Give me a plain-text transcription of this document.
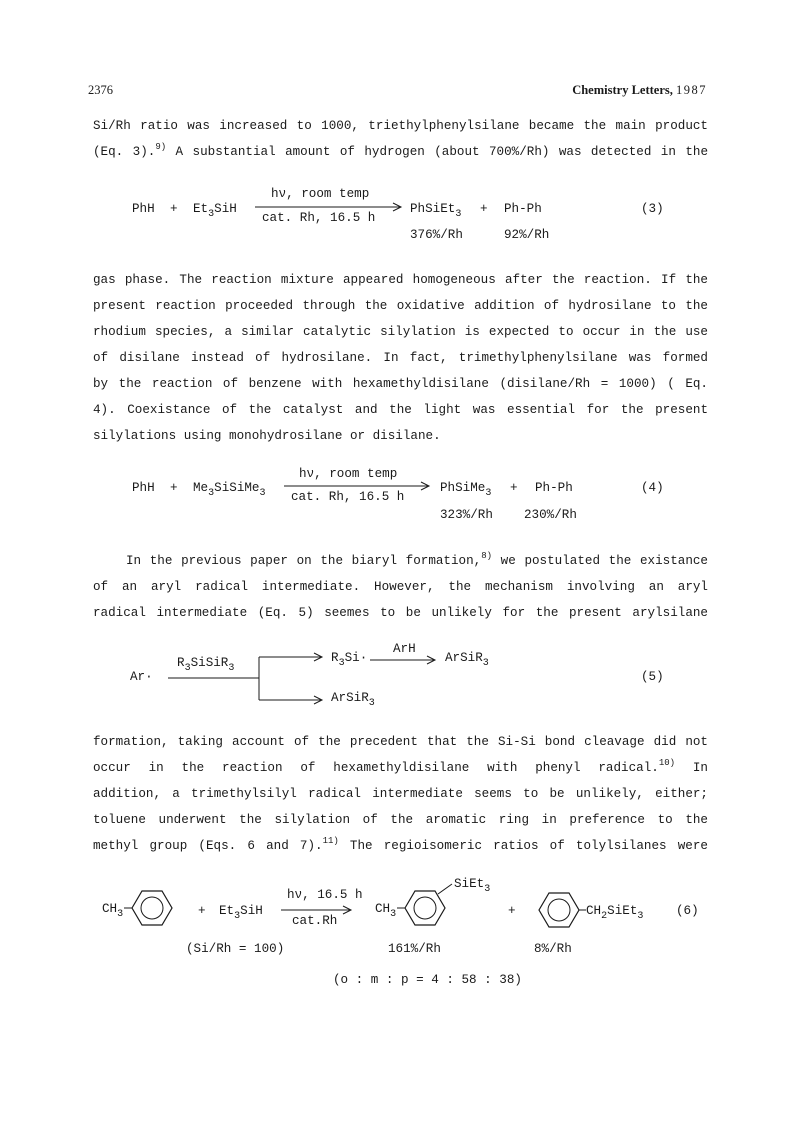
2376	Chemistry Letters, 1987
Si/Rh ratio was increased to 1000, triethylphenylsilane became the main product
(Eq. 3).$^{9)}$ A substantial amount of hydrogen (about 700%/Rh) was detected in the
PhH + $Et_3SiH$
hν, room temp
cat. Rh, 16.5 h
PhSiEt$_3$ + Ph-Ph	(3)
376%/Rh	92%/Rh
gas phase. The reaction mixture appeared homogeneous after the reaction. If the
present reaction proceeded through the oxidative addition of hydrosilane to the
rhodium species, a similar catalytic silylation is expected to occur in the use
of disilane instead of hydrosilane. In fact, trimethylphenylsilane was formed
by the reaction of benzene with hexamethyldisilane (disilane/Rh = 1000) ( Eq.
4). Coexistance of the catalyst and the light was essential for the present
silylations using monohydrosilane or disilane.
PhH + $Me_3SiSiMe_3$
hν, room temp
cat. Rh, 16.5 h
PhSiMe$_3$ + Ph-Ph	(4)
323%/Rh 230%/Rh
In the previous paper on the biaryl formation,$^{8)}$ we postulated the existance
of an aryl radical intermediate. However, the mechanism involving an aryl
radical intermediate (Eq. 5) seemes to be unlikely for the present arylsilane
Ar·
$R_3SiSiR_3$
$R_3Si\cdot$
ArH
ArSiR$_3$
(5)
ArSiR$_3$
formation, taking account of the precedent that the Si-Si bond cleavage did not
occur in the reaction of hexamethyldisilane with phenyl radical.$^{10)}$ In
addition, a trimethylsilyl radical intermediate seems to be unlikely, either;
toluene underwent the silylation of the aromatic ring in preference to the
methyl group (Eqs. 6 and 7).$^{11)}$ The regioisomeric ratios of tolylsilanes were
$CH_3$	+ $Et_3SiH$
hν, 16.5 h
cat.Rh
$CH_3$
SiEt$_3$
+	$CH_2SiEt_3$	(6)
(Si/Rh = 100)	161%/Rh	8%/Rh
(o : m : p = 4 : 58 : 38)
